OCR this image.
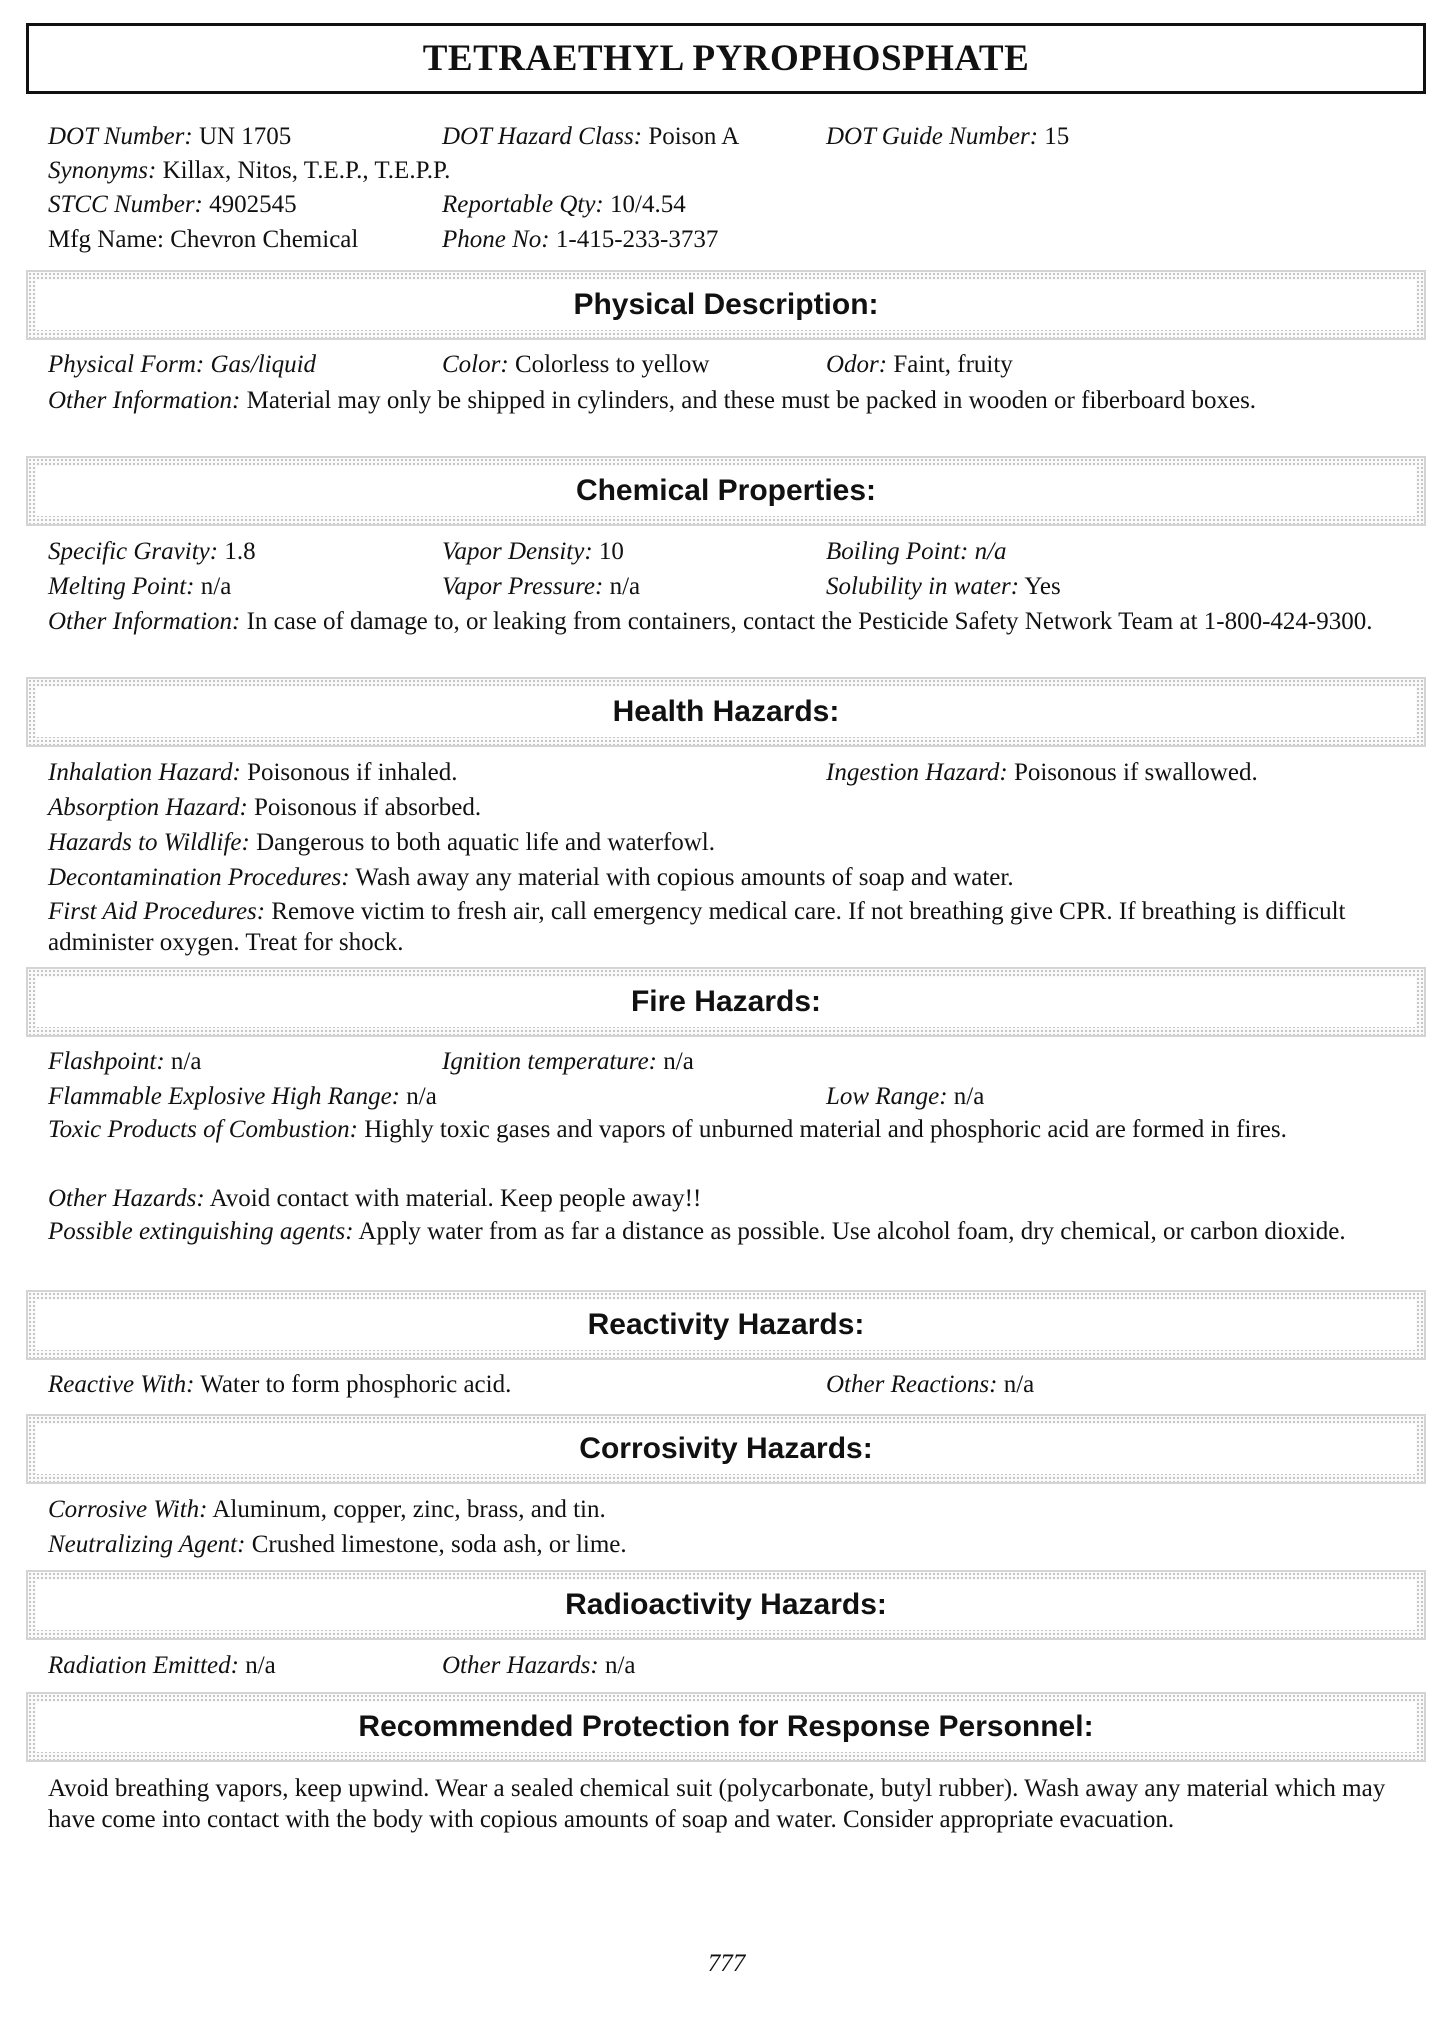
TETRAETHYL PYROPHOSPHATE
DOT Number: UN 1705	DOT Hazard Class: Poison A	DOT Guide Number: 15
Synonyms: Killax, Nitos, T.E.P., T.E.P.P.
STCC Number: 4902545	Reportable Qty: 10/4.54
Mfg Name: Chevron Chemical	Phone No: 1-415-233-3737
Physical Description:
Physical Form: Gas/liquid	Color: Colorless to yellow	Odor: Faint, fruity
Other Information: Material may only be shipped in cylinders, and these must be packed in wooden or fiberboard boxes.
Chemical Properties:
Specific Gravity: 1.8	Vapor Density: 10	Boiling Point: n/a
Melting Point: n/a	Vapor Pressure: n/a	Solubility in water: Yes
Other Information: In case of damage to, or leaking from containers, contact the Pesticide Safety Network Team at 1-800-424-9300.
Health Hazards:
Inhalation Hazard: Poisonous if inhaled.	Ingestion Hazard: Poisonous if swallowed.
Absorption Hazard: Poisonous if absorbed.
Hazards to Wildlife: Dangerous to both aquatic life and waterfowl.
Decontamination Procedures: Wash away any material with copious amounts of soap and water.
First Aid Procedures: Remove victim to fresh air, call emergency medical care. If not breathing give CPR. If breathing is difficult administer oxygen. Treat for shock.
Fire Hazards:
Flashpoint: n/a	Ignition temperature: n/a
Flammable Explosive High Range: n/a	Low Range: n/a
Toxic Products of Combustion: Highly toxic gases and vapors of unburned material and phosphoric acid are formed in fires.
Other Hazards: Avoid contact with material. Keep people away!!
Possible extinguishing agents: Apply water from as far a distance as possible. Use alcohol foam, dry chemical, or carbon dioxide.
Reactivity Hazards:
Reactive With: Water to form phosphoric acid.	Other Reactions: n/a
Corrosivity Hazards:
Corrosive With: Aluminum, copper, zinc, brass, and tin.
Neutralizing Agent: Crushed limestone, soda ash, or lime.
Radioactivity Hazards:
Radiation Emitted: n/a	Other Hazards: n/a
Recommended Protection for Response Personnel:
Avoid breathing vapors, keep upwind. Wear a sealed chemical suit (polycarbonate, butyl rubber). Wash away any material which may have come into contact with the body with copious amounts of soap and water. Consider appropriate evacuation.
777
